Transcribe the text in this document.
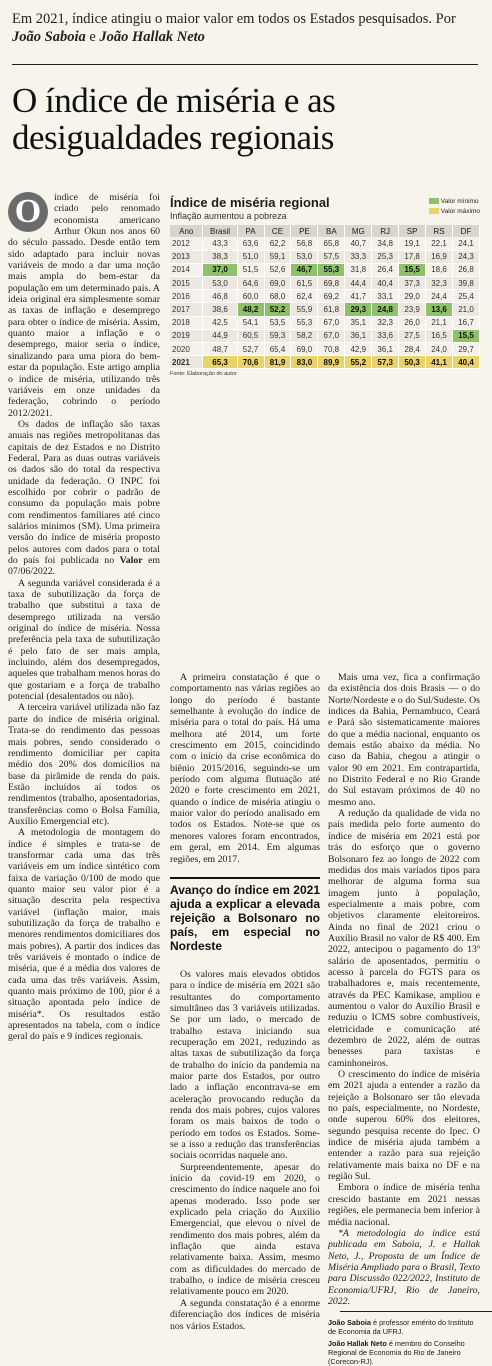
Em 2021, índice atingiu o maior valor em todos os Estados pesquisados. Por João Saboia e João Hallak Neto
O índice de miséria e as desigualdades regionais
O	índice de miséria foi criado pelo renomado economista americano Arthur Okun nos anos 60 do século passado. Desde então tem sido adaptado para incluir novas variáveis de modo a dar uma noção mais ampla do bem-estar da população em um determinado país. A ideia original era simplesmente somar as taxas de inflação e desemprego para obter o índice de miséria. Assim, quanto maior a inflação e o desemprego, maior seria o índice, sinalizando para uma piora do bem-estar da população. Este artigo amplia o índice de miséria, utilizando três variáveis em onze unidades da federação, cobrindo o período 2012/2021.

Os dados de inflação são taxas anuais nas regiões metropolitanas das capitais de dez Estados e no Distrito Federal. Para as duas outras variáveis os dados são do total da respectiva unidade da federação. O INPC foi escolhido por cobrir o padrão de consumo da população mais pobre com rendimentos familiares até cinco salários mínimos (SM). Uma primeira versão do índice de miséria proposto pelos autores com dados para o total do país foi publicada no Valor em 07/06/2022.

A segunda variável considerada é a taxa de subutilização da força de trabalho que substitui a taxa de desemprego utilizada na versão original do índice de miséria. Nossa preferência pela taxa de subutilização é pelo fato de ser mais ampla, incluindo, além dos desempregados, aqueles que trabalham menos horas do que gostariam e a força de trabalho potencial (desalentados ou não).

A terceira variável utilizada não faz parte do índice de miséria original. Trata-se do rendimento das pessoas mais pobres, sendo considerado o rendimento domiciliar per capita médio dos 20% dos domicílios na base da pirâmide de renda do país. Estão incluídos aí todos os rendimentos (trabalho, aposentadorias, transferências como o Bolsa Família, Auxílio Emergencial etc).

A metodologia de montagem do índice é simples e trata-se de transformar cada uma das três variáveis em um índice sintético com faixa de variação 0/100 de modo que quanto maior seu valor pior é a situação descrita pela respectiva variável (inflação maior, mais subutilização da força de trabalho e menores rendimentos domiciliares dos mais pobres). A partir dos índices das três variáveis é montado o índice de miséria, que é a média dos valores de cada uma das três variáveis. Assim, quanto mais próximo de 100, pior é a situação apontada pelo índice de miséria*. Os resultados estão apresentados na tabela, com o índice geral do país e 9 índices regionais.

Índice de miséria regional
Inflação aumentou a pobreza
Valor mínimo
Valor máximo
Ano	Brasil	PA	CE	PE	BA	MG	RJ	SP	RS	DF
2012	43,3	63,6	62,2	56,8	65,8	40,7	34,8	19,1	22,1	24,1
2013	38,3	51,0	59,1	53,0	57,5	33,3	25,3	17,8	16,9	24,3
2014	37,0	51,5	52,6	46,7	55,3	31,8	26,4	15,5	18,6	26,8
2015	53,0	64,6	69,0	61,5	69,8	44,4	40,4	37,3	32,3	39,8
2016	46,8	60,0	68,0	62,4	69,2	41,7	33,1	29,0	24,4	25,4
2017	38,6	48,2	52,2	55,9	61,8	29,3	24,8	23,9	13,6	21,0
2018	42,5	54,1	53,5	55,3	67,0	35,1	32,3	26,0	21,1	16,7
2019	44,9	60,5	59,3	58,2	67,0	36,1	33,6	27,5	16,5	15,5
2020	48,7	52,7	65,4	69,0	70,8	42,9	36,1	28,4	24,0	29,7
2021	65,3	70,6	81,9	83,0	89,9	55,2	57,3	50,3	41,1	40,4
Fonte: Elaboração do autor

A primeira constatação é que o comportamento nas várias regiões ao longo do período é bastante semelhante à evolução do índice de miséria para o total do país. Há uma melhora até 2014, um forte crescimento em 2015, coincidindo com o início da crise econômica do biênio 2015/2016, seguindo-se um período com alguma flutuação até 2020 e forte crescimento em 2021, quando o índice de miséria atingiu o maior valor do período analisado em todos os Estados. Note-se que os menores valores foram encontrados, em geral, em 2014. Em algumas regiões, em 2017.

Avanço do índice em 2021 ajuda a explicar a elevada rejeição a Bolsonaro no país, em especial no Nordeste

Os valores mais elevados obtidos para o índice de miséria em 2021 são resultantes do comportamento simultâneo das 3 variáveis utilizadas. Se por um lado, o mercado de trabalho estava iniciando sua recuperação em 2021, reduzindo as altas taxas de subutilização da força de trabalho do início da pandemia na maior parte dos Estados, por outro lado a inflação encontrava-se em aceleração provocando redução da renda dos mais pobres, cujos valores foram os mais baixos de todo o período em todos os Estados. Some-se a isso a redução das transferências sociais ocorridas naquele ano.

Surpreendentemente, apesar do início da covid-19 em 2020, o crescimento do índice naquele ano foi apenas moderado. Isso pode ser explicado pela criação do Auxílio Emergencial, que elevou o nível de rendimento dos mais pobres, além da inflação que ainda estava relativamente baixa. Assim, mesmo com as dificuldades do mercado de trabalho, o índice de miséria cresceu relativamente pouco em 2020.

A segunda constatação é a enorme diferenciação dos índices de miséria nos vários Estados.

Mais uma vez, fica a confirmação da existência dos dois Brasis — o do Norte/Nordeste e o do Sul/Sudeste. Os índices da Bahia, Pernambuco, Ceará e Pará são sistematicamente maiores do que a média nacional, enquanto os demais estão abaixo da média. No caso da Bahia, chegou a atingir o valor 90 em 2021. Em contrapartida, no Distrito Federal e no Rio Grande do Sul estavam próximos de 40 no mesmo ano.

A redução da qualidade de vida no país medida pelo forte aumento do índice de miséria em 2021 está por trás do esforço que o governo Bolsonaro fez ao longo de 2022 com medidas dos mais variados tipos para melhorar de alguma forma sua imagem junto à população, especialmente a mais pobre, com objetivos claramente eleitoreiros. Ainda no final de 2021 criou o Auxílio Brasil no valor de R$ 400. Em 2022, antecipou o pagamento do 13º salário de aposentados, permitiu o acesso à parcela do FGTS para os trabalhadores e, mais recentemente, através da PEC Kamikase, ampliou e aumentou o valor do Auxílio Brasil e reduziu o ICMS sobre combustíveis, eletricidade e comunicação até dezembro de 2022, além de outras benesses para taxistas e caminhoneiros.

O crescimento do índice de miséria em 2021 ajuda a entender a razão da rejeição a Bolsonaro ser tão elevada no país, especialmente, no Nordeste, onde superou 60% dos eleitores, segundo pesquisa recente do Ipec. O índice de miséria ajuda também a entender a razão para sua rejeição relativamente mais baixa no DF e na região Sul.

Embora o índice de miséria tenha crescido bastante em 2021 nessas regiões, ele permanecia bem inferior à média nacional.

*A metodologia do índice está publicada em Saboia, J. e Hallak Neto, J., Proposta de um Índice de Miséria Ampliado para o Brasil, Texto para Discussão 022/2022, Instituto de Economia/UFRJ, Rio de Janeiro, 2022.

João Saboia é professor emérito do Instituto de Economia da UFRJ.

João Hallak Neto é membro do Conselho Regional de Economia do Rio de Janeiro (Corecon-RJ).
